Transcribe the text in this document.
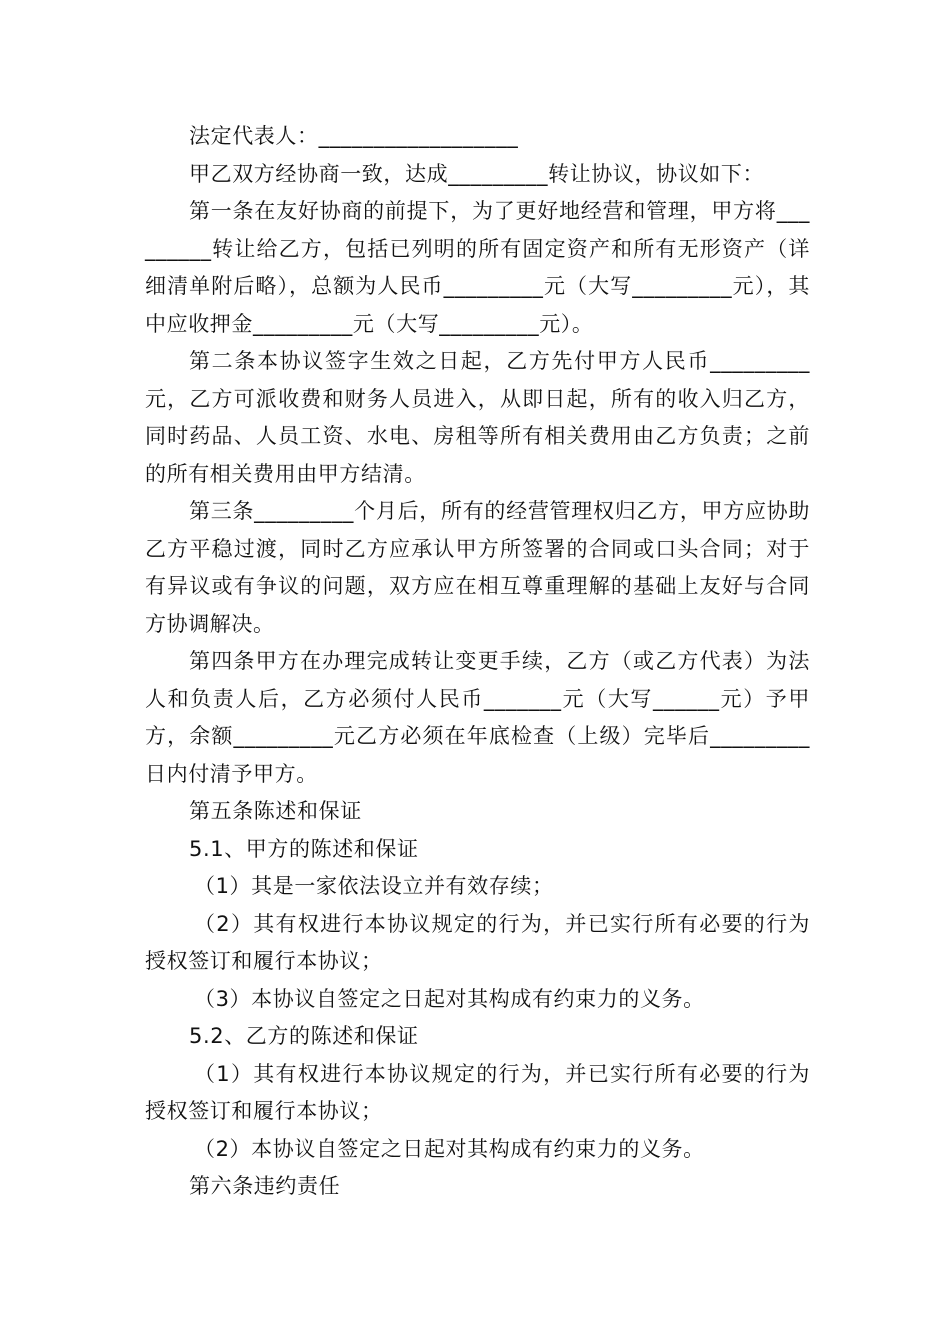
法定代表人：__________________

甲乙双方经协商一致，达成_________转让协议，协议如下：

第一条在友好协商的前提下，为了更好地经营和管理，甲方将_________转让给乙方，包括已列明的所有固定资产和所有无形资产（详细清单附后略），总额为人民币_________元（大写_________元），其中应收押金_________元（大写_________元）。

第二条本协议签字生效之日起，乙方先付甲方人民币_________元，乙方可派收费和财务人员进入，从即日起，所有的收入归乙方，同时药品、人员工资、水电、房租等所有相关费用由乙方负责；之前的所有相关费用由甲方结清。

第三条_________个月后，所有的经营管理权归乙方，甲方应协助乙方平稳过渡，同时乙方应承认甲方所签署的合同或口头合同；对于有异议或有争议的问题，双方应在相互尊重理解的基础上友好与合同方协调解决。

第四条甲方在办理完成转让变更手续，乙方（或乙方代表）为法人和负责人后，乙方必须付人民币_______元（大写______元）予甲方，余额_________元乙方必须在年底检查（上级）完毕后_________日内付清予甲方。

第五条陈述和保证

5.1、甲方的陈述和保证

（1）其是一家依法设立并有效存续；

（2）其有权进行本协议规定的行为，并已实行所有必要的行为授权签订和履行本协议；

（3）本协议自签定之日起对其构成有约束力的义务。

5.2、乙方的陈述和保证

（1）其有权进行本协议规定的行为，并已实行所有必要的行为授权签订和履行本协议；

（2）本协议自签定之日起对其构成有约束力的义务。

第六条违约责任
